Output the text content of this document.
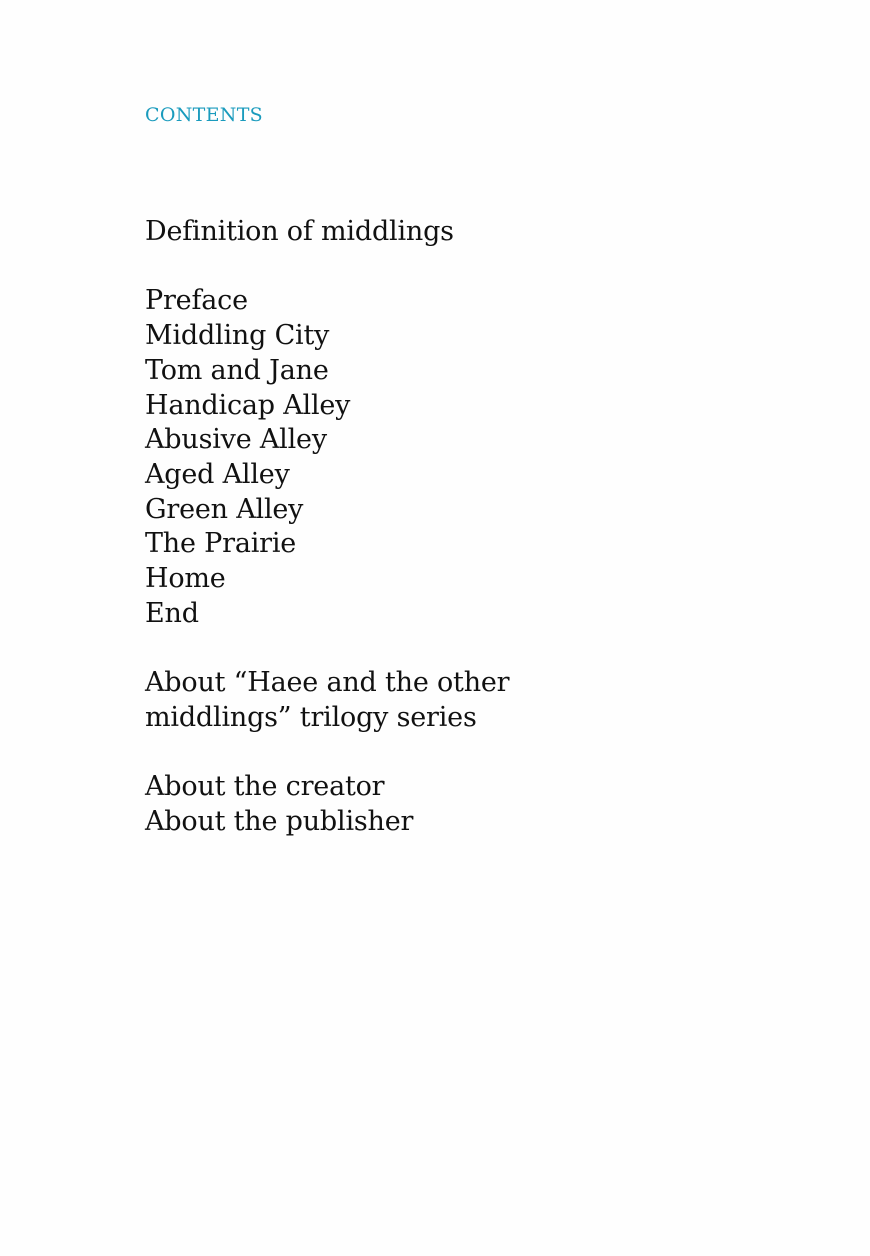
CONTENTS
Definition of middlings
Preface
Middling City
Tom and Jane
Handicap Alley
Abusive Alley
Aged Alley
Green Alley
The Prairie
Home
End
About “Haee and the other
middlings” trilogy series
About the creator
About the publisher
